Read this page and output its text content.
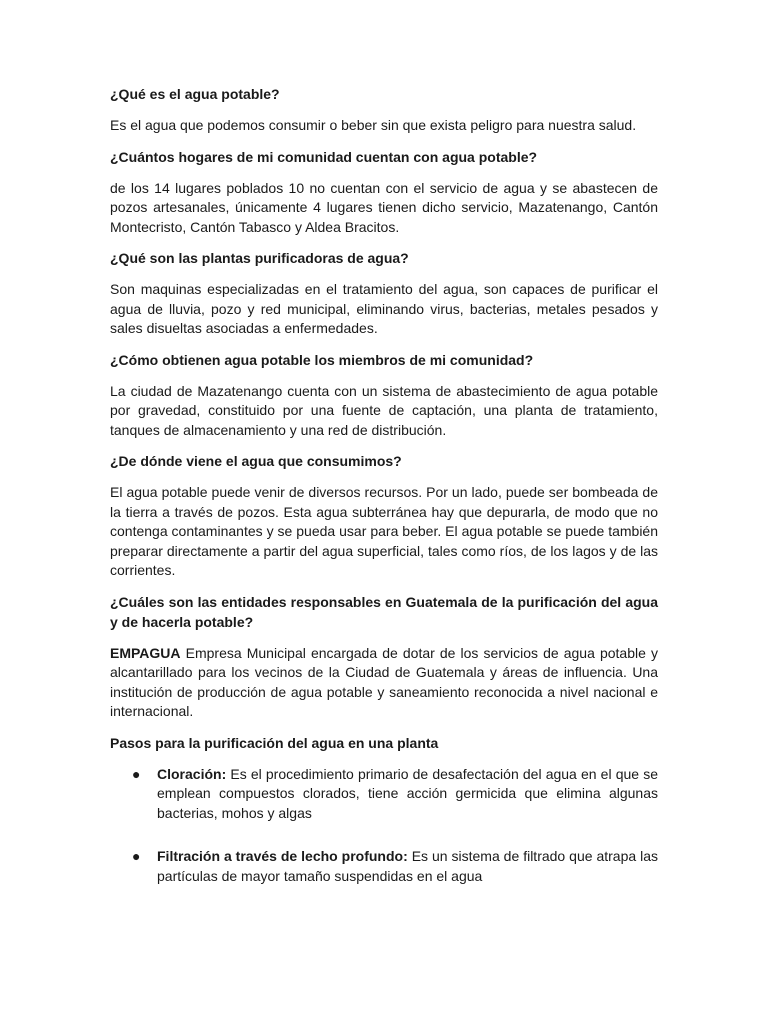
¿Qué es el agua potable?

Es el agua que podemos consumir o beber sin que exista peligro para nuestra salud.

¿Cuántos hogares de mi comunidad cuentan con agua potable?

de los 14 lugares poblados 10 no cuentan con el servicio de agua y se abastecen de pozos artesanales, únicamente 4 lugares tienen dicho servicio, Mazatenango, Cantón Montecristo, Cantón Tabasco y Aldea Bracitos.

¿Qué son las plantas purificadoras de agua?

Son maquinas especializadas en el tratamiento del agua, son capaces de purificar el agua de lluvia, pozo y red municipal, eliminando virus, bacterias, metales pesados y sales disueltas asociadas a enfermedades.

¿Cómo obtienen agua potable los miembros de mi comunidad?

La ciudad de Mazatenango cuenta con un sistema de abastecimiento de agua potable por gravedad, constituido por una fuente de captación, una planta de tratamiento, tanques de almacenamiento y una red de distribución.

¿De dónde viene el agua que consumimos?

El agua potable puede venir de diversos recursos. Por un lado, puede ser bombeada de la tierra a través de pozos. Esta agua subterránea hay que depurarla, de modo que no contenga contaminantes y se pueda usar para beber. El agua potable se puede también preparar directamente a partir del agua superficial, tales como ríos, de los lagos y de las corrientes.

¿Cuáles son las entidades responsables en Guatemala de la purificación del agua y de hacerla potable?

EMPAGUA Empresa Municipal encargada de dotar de los servicios de agua potable y alcantarillado para los vecinos de la Ciudad de Guatemala y áreas de influencia. Una institución de producción de agua potable y saneamiento reconocida a nivel nacional e internacional.

Pasos para la purificación del agua en una planta

● Cloración: Es el procedimiento primario de desafectación del agua en el que se emplean compuestos clorados, tiene acción germicida que elimina algunas bacterias, mohos y algas
● Filtración a través de lecho profundo: Es un sistema de filtrado que atrapa las partículas de mayor tamaño suspendidas en el agua
